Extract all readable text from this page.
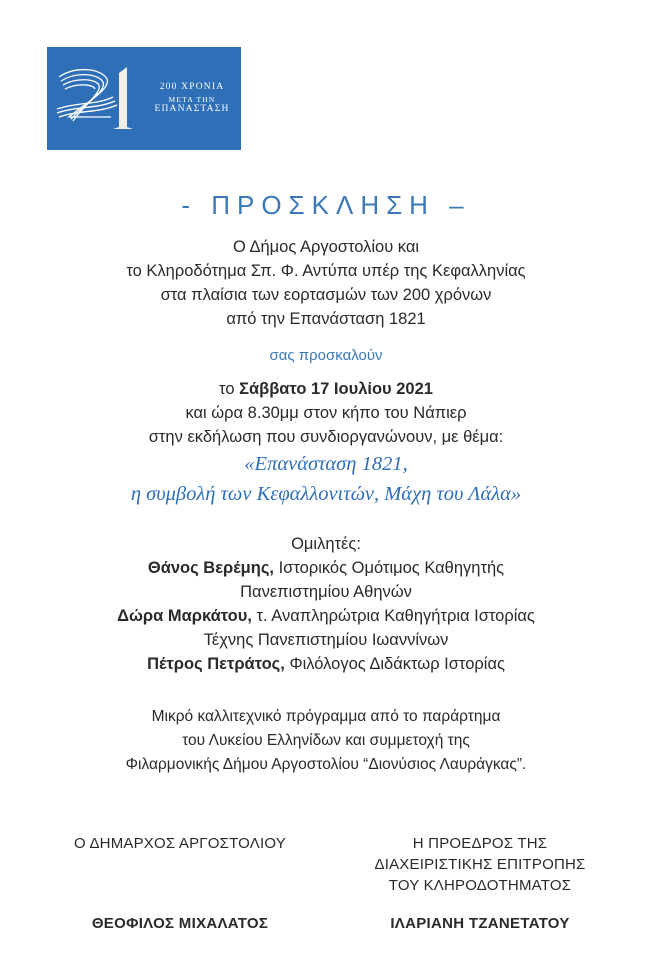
200 ΧΡΟΝΙΑ
ΜΕΤΑ ΤΗΝ
ΕΠΑΝΑΣΤΑΣΗ
- ΠΡΟΣΚΛΗΣΗ –
Ο Δήμος Αργοστολίου και
το Κληροδότημα Σπ. Φ. Αντύπα υπέρ της Κεφαλληνίας
στα πλαίσια των εορτασμών των 200 χρόνων
από την Επανάσταση 1821
σας προσκαλούν
το Σάββατο 17 Ιουλίου 2021
και ώρα 8.30μμ στον κήπο του Νάπιερ
στην εκδήλωση που συνδιοργανώνουν, με θέμα:
«Επανάσταση 1821,
η συμβολή των Κεφαλλονιτών, Μάχη του Λάλα»
Ομιλητές:
Θάνος Βερέμης, Ιστορικός Ομότιμος Καθηγητής
Πανεπιστημίου Αθηνών
Δώρα Μαρκάτου, τ. Αναπληρώτρια Καθηγήτρια Ιστορίας
Τέχνης Πανεπιστημίου Ιωαννίνων
Πέτρος Πετράτος, Φιλόλογος Διδάκτωρ Ιστορίας
Μικρό καλλιτεχνικό πρόγραμμα από το παράρτημα
του Λυκείου Ελληνίδων και συμμετοχή της
Φιλαρμονικής Δήμου Αργοστολίου “Διονύσιος Λαυράγκας”.
Ο ΔΗΜΑΡΧΟΣ ΑΡΓΟΣΤΟΛΙΟΥ	Η ΠΡΟΕΔΡΟΣ ΤΗΣ
ΔΙΑΧΕΙΡΙΣΤΙΚΗΣ ΕΠΙΤΡΟΠΗΣ
ΤΟΥ ΚΛΗΡΟΔΟΤΗΜΑΤΟΣ
ΘΕΟΦΙΛΟΣ ΜΙΧΑΛΑΤΟΣ	ΙΛΑΡΙΑΝΗ ΤΖΑΝΕΤΑΤΟΥ
